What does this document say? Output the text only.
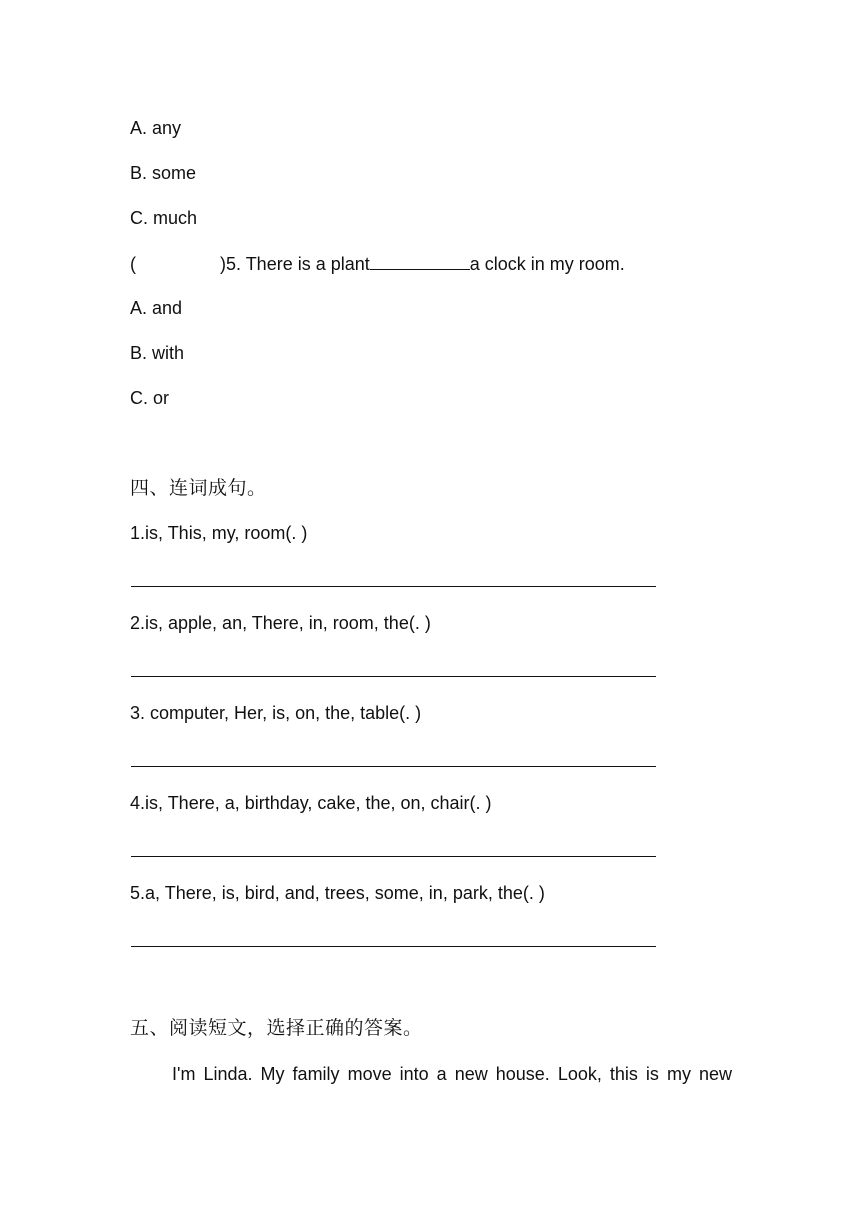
A. any
B. some
C. much
(	)5. There is a plant	a clock in my room.
A. and
B. with
C. or
四、连词成句。
1.is, This, my, room(. )
2.is, apple, an, There, in, room, the(. )
3. computer, Her, is, on, the, table(. )
4.is, There, a, birthday, cake, the, on, chair(. )
5.a, There, is, bird, and, trees, some, in, park, the(. )
五、阅读短文，选择正确的答案。
I'm Linda. My family move into a new house. Look, this is my new
